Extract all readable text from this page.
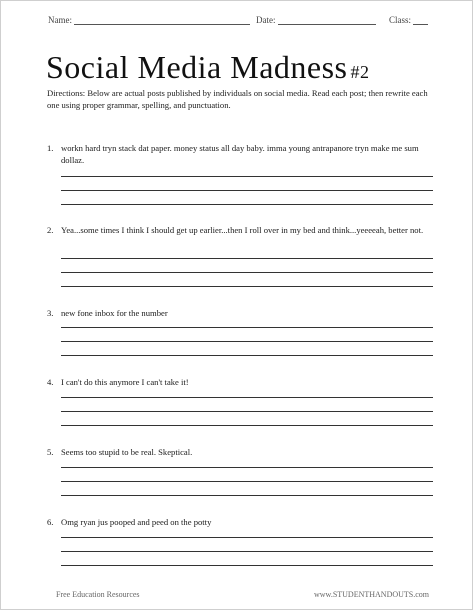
Name:	Date:	Class:
Social Media Madness #2
Directions: Below are actual posts published by individuals on social media. Read each post; then rewrite each one using proper grammar, spelling, and punctuation.
1. workn hard tryn stack dat paper. money status all day baby. imma young antrapanore tryn make me sum dollaz.
2. Yea...some times I think I should get up earlier...then I roll over in my bed and think...yeeeeah, better not.
3. new fone inbox for the number
4. I can't do this anymore I can't take it!
5. Seems too stupid to be real. Skeptical.
6. Omg ryan jus pooped and peed on the potty
Free Education Resources	www.STUDENTHANDOUTS.com
